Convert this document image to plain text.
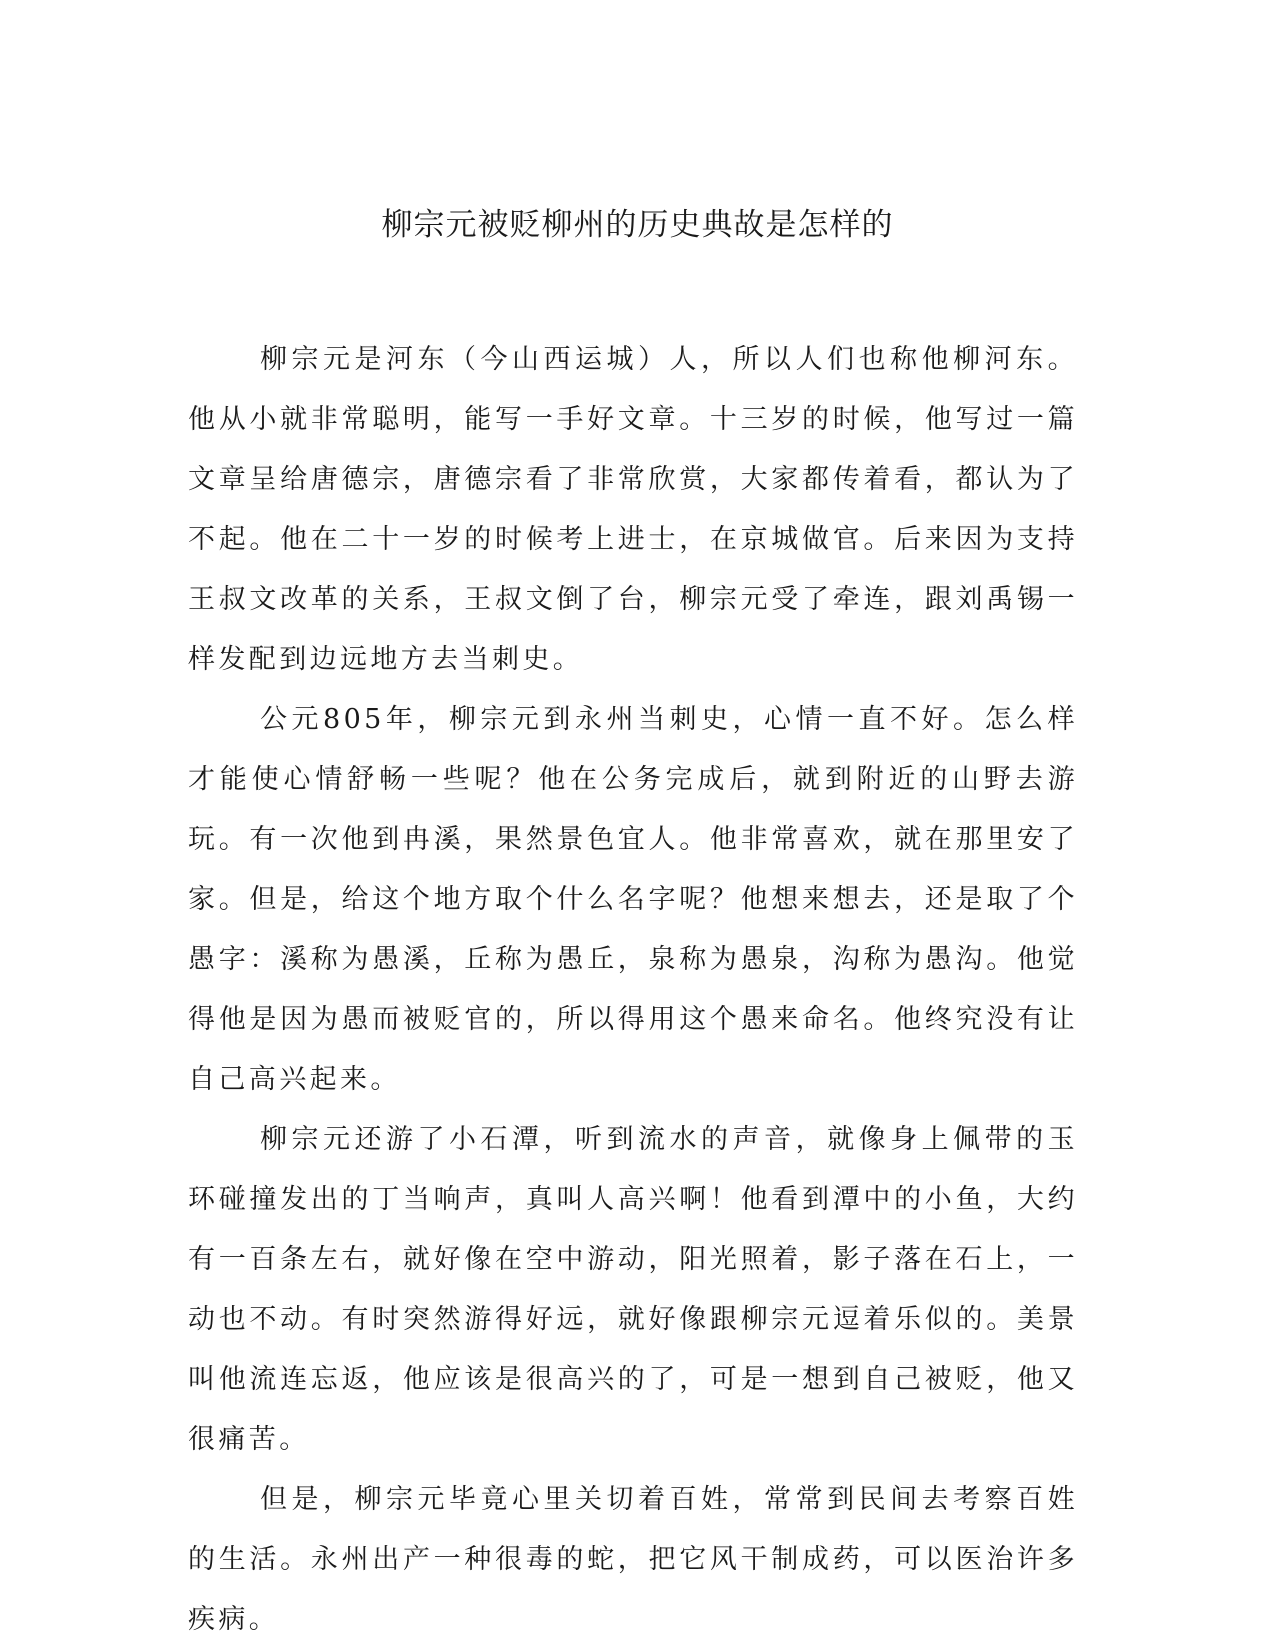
柳宗元被贬柳州的历史典故是怎样的

柳宗元是河东（今山西运城）人，所以人们也称他柳河东。他从小就非常聪明，能写一手好文章。十三岁的时候，他写过一篇文章呈给唐德宗，唐德宗看了非常欣赏，大家都传着看，都认为了不起。他在二十一岁的时候考上进士，在京城做官。后来因为支持王叔文改革的关系，王叔文倒了台，柳宗元受了牵连，跟刘禹锡一样发配到边远地方去当刺史。

公元805年，柳宗元到永州当刺史，心情一直不好。怎么样才能使心情舒畅一些呢？他在公务完成后，就到附近的山野去游玩。有一次他到冉溪，果然景色宜人。他非常喜欢，就在那里安了家。但是，给这个地方取个什么名字呢？他想来想去，还是取了个愚字：溪称为愚溪，丘称为愚丘，泉称为愚泉，沟称为愚沟。他觉得他是因为愚而被贬官的，所以得用这个愚来命名。他终究没有让自己高兴起来。

柳宗元还游了小石潭，听到流水的声音，就像身上佩带的玉环碰撞发出的丁当响声，真叫人高兴啊！他看到潭中的小鱼，大约有一百条左右，就好像在空中游动，阳光照着，影子落在石上，一动也不动。有时突然游得好远，就好像跟柳宗元逗着乐似的。美景叫他流连忘返，他应该是很高兴的了，可是一想到自己被贬，他又很痛苦。

但是，柳宗元毕竟心里关切着百姓，常常到民间去考察百姓的生活。永州出产一种很毒的蛇，把它风干制成药，可以医治许多疾病。
